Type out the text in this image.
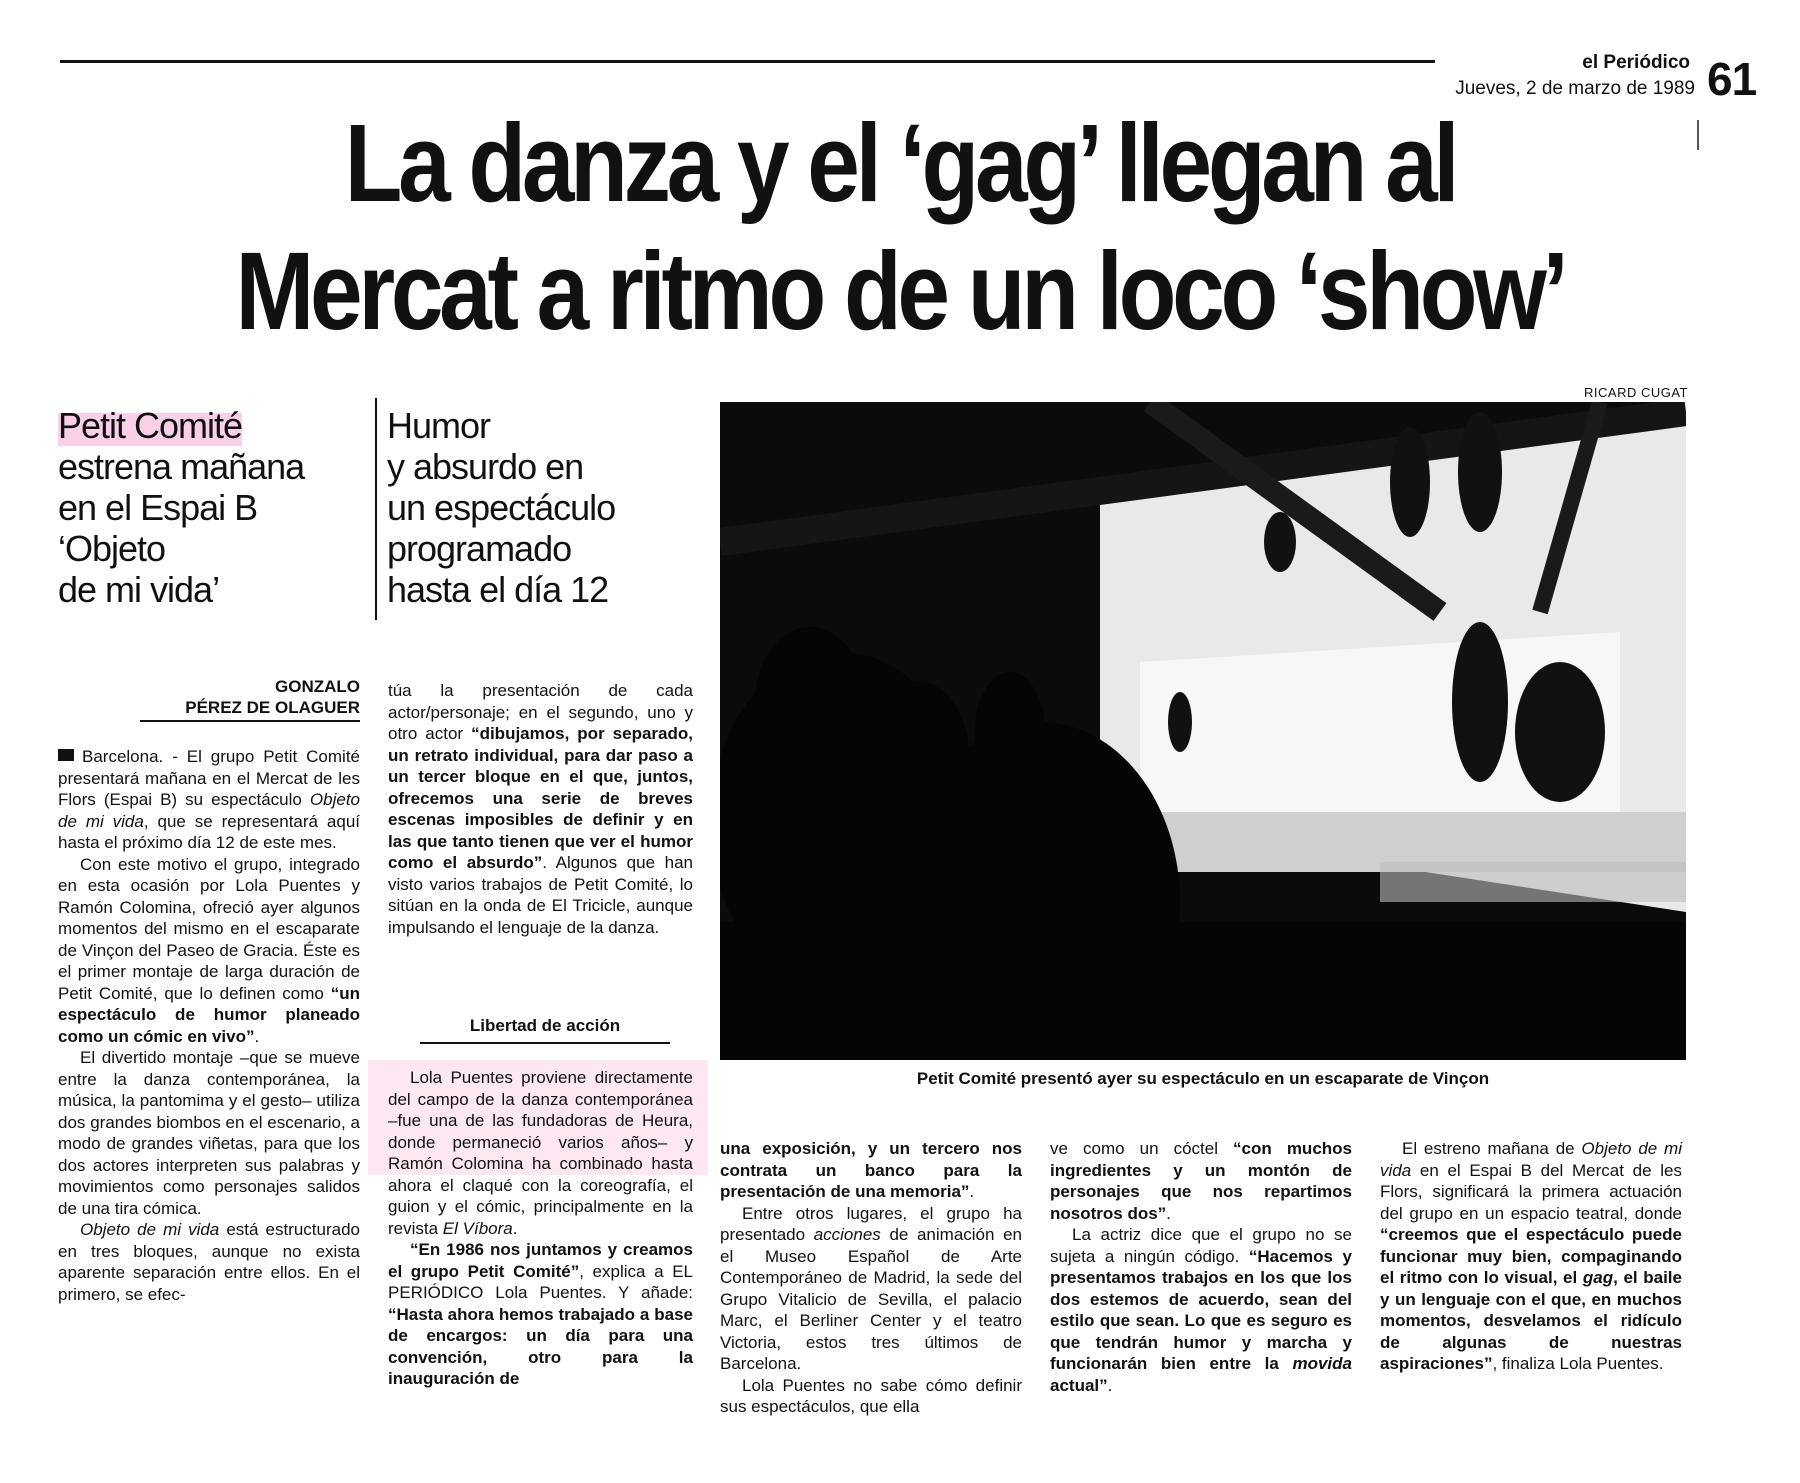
el Periódico
Jueves, 2 de marzo de 1989 61
La danza y el ‘gag’ llegan al
Mercat a ritmo de un loco ‘show’
RICARD CUGAT
Petit Comité
estrena mañana
en el Espai B
‘Objeto
de mi vida’
Humor
y absurdo en
un espectáculo
programado
hasta el día 12
GONZALO
PÉREZ DE OLAGUER

Barcelona. - El grupo Petit Comité presentará mañana en el Mercat de les Flors (Espai B) su espectáculo Objeto de mi vida, que se representará aquí hasta el próximo día 12 de este mes.

Con este motivo el grupo, integrado en esta ocasión por Lola Puentes y Ramón Colomina, ofreció ayer algunos momentos del mismo en el escaparate de Vinçon del Paseo de Gracia. Éste es el primer montaje de larga duración de Petit Comité, que lo definen como “un espectáculo de humor planeado como un cómic en vivo”.

El divertido montaje –que se mueve entre la danza contemporánea, la música, la pantomima y el gesto– utiliza dos grandes biombos en el escenario, a modo de grandes viñetas, para que los dos actores interpreten sus palabras y movimientos como personajes salidos de una tira cómica.

Objeto de mi vida está estructurado en tres bloques, aunque no exista aparente separación entre ellos. En el primero, se efec-

túa la presentación de cada actor/personaje; en el segundo, uno y otro actor “dibujamos, por separado, un retrato individual, para dar paso a un tercer bloque en el que, juntos, ofrecemos una serie de breves escenas imposibles de definir y en las que tanto tienen que ver el humor como el absurdo”. Algunos que han visto varios trabajos de Petit Comité, lo sitúan en la onda de El Tricicle, aunque impulsando el lenguaje de la danza.

Libertad de acción

Lola Puentes proviene directamente del campo de la danza contemporánea –fue una de las fundadoras de Heura, donde permaneció varios años– y Ramón Colomina ha combinado hasta ahora el claqué con la coreografía, el guion y el cómic, principalmente en la revista El Víbora.

“En 1986 nos juntamos y creamos el grupo Petit Comité”, explica a EL PERIÓDICO Lola Puentes. Y añade: “Hasta ahora hemos trabajado a base de encargos: un día para una convención, otro para la inauguración de

Petit Comité presentó ayer su espectáculo en un escaparate de Vinçon

una exposición, y un tercero nos contrata un banco para la presentación de una memoria”.

Entre otros lugares, el grupo ha presentado acciones de animación en el Museo Español de Arte Contemporáneo de Madrid, la sede del Grupo Vitalicio de Sevilla, el palacio Marc, el Berliner Center y el teatro Victoria, estos tres últimos de Barcelona.

Lola Puentes no sabe cómo definir sus espectáculos, que ella

ve como un cóctel “con muchos ingredientes y un montón de personajes que nos repartimos nosotros dos”.

La actriz dice que el grupo no se sujeta a ningún código. “Hacemos y presentamos trabajos en los que los dos estemos de acuerdo, sean del estilo que sean. Lo que es seguro es que tendrán humor y marcha y funcionarán bien entre la movida actual”.

El estreno mañana de Objeto de mi vida en el Espai B del Mercat de les Flors, significará la primera actuación del grupo en un espacio teatral, donde “creemos que el espectáculo puede funcionar muy bien, compaginando el ritmo con lo visual, el gag, el baile y un lenguaje con el que, en muchos momentos, desvelamos el ridículo de algunas de nuestras aspiraciones”, finaliza Lola Puentes.
